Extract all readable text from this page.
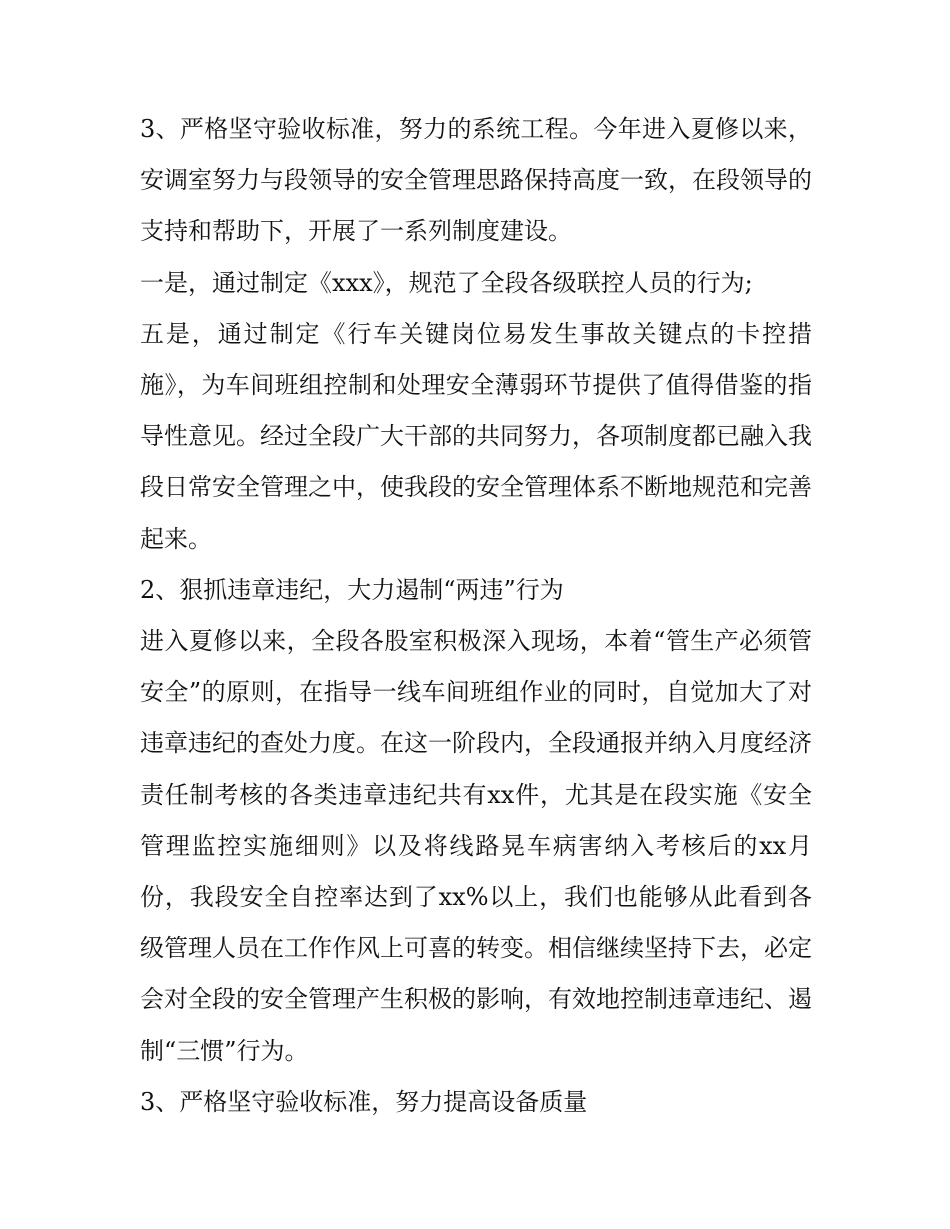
3、严格坚守验收标准，努力的系统工程。今年进入夏修以来，安调室努力与段领导的安全管理思路保持高度一致，在段领导的支持和帮助下，开展了一系列制度建设。

一是，通过制定《xxx》，规范了全段各级联控人员的行为;

五是，通过制定《行车关键岗位易发生事故关键点的卡控措施》，为车间班组控制和处理安全薄弱环节提供了值得借鉴的指导性意见。经过全段广大干部的共同努力，各项制度都已融入我段日常安全管理之中，使我段的安全管理体系不断地规范和完善起来。

2、狠抓违章违纪，大力遏制“两违”行为

进入夏修以来，全段各股室积极深入现场，本着“管生产必须管安全”的原则，在指导一线车间班组作业的同时，自觉加大了对违章违纪的查处力度。在这一阶段内，全段通报并纳入月度经济责任制考核的各类违章违纪共有xx件，尤其是在段实施《安全管理监控实施细则》以及将线路晃车病害纳入考核后的xx月份，我段安全自控率达到了xx%以上，我们也能够从此看到各级管理人员在工作作风上可喜的转变。相信继续坚持下去，必定会对全段的安全管理产生积极的影响，有效地控制违章违纪、遏制“三惯”行为。

3、严格坚守验收标准，努力提高设备质量
